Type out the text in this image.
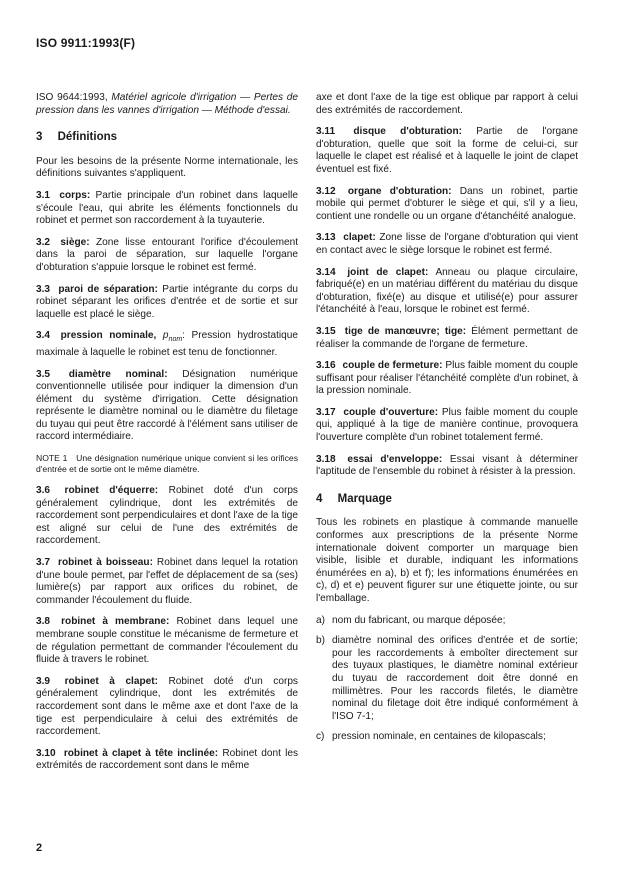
ISO 9911:1993(F)

ISO 9644:1993, Matériel agricole d'irrigation — Pertes de pression dans les vannes d'irrigation — Méthode d'essai.

3 Définitions

Pour les besoins de la présente Norme internationale, les définitions suivantes s'appliquent.

3.1 corps: Partie principale d'un robinet dans laquelle s'écoule l'eau, qui abrite les éléments fonctionnels du robinet et permet son raccordement à la tuyauterie.

3.2 siège: Zone lisse entourant l'orifice d'écoulement dans la paroi de séparation, sur laquelle l'organe d'obturation s'appuie lorsque le robinet est fermé.

3.3 paroi de séparation: Partie intégrante du corps du robinet séparant les orifices d'entrée et de sortie et sur laquelle est placé le siège.

3.4 pression nominale, $p_{nom}$: Pression hydrostatique maximale à laquelle le robinet est tenu de fonctionner.

3.5 diamètre nominal: Désignation numérique conventionnelle utilisée pour indiquer la dimension d'un élément du système d'irrigation. Cette désignation représente le diamètre nominal ou le diamètre du filetage du tuyau qui peut être raccordé à l'élément sans utiliser de raccord intermédiaire.

NOTE 1 Une désignation numérique unique convient si les orifices d'entrée et de sortie ont le même diamètre.

3.6 robinet d'équerre: Robinet doté d'un corps généralement cylindrique, dont les extrémités de raccordement sont perpendiculaires et dont l'axe de la tige est aligné sur celui de l'une des extrémités de raccordement.

3.7 robinet à boisseau: Robinet dans lequel la rotation d'une boule permet, par l'effet de déplacement de sa (ses) lumière(s) par rapport aux orifices du robinet, de commander l'écoulement du fluide.

3.8 robinet à membrane: Robinet dans lequel une membrane souple constitue le mécanisme de fermeture et de régulation permettant de commander l'écoulement du fluide à travers le robinet.

3.9 robinet à clapet: Robinet doté d'un corps généralement cylindrique, dont les extrémités de raccordement sont dans le même axe et dont l'axe de la tige est perpendiculaire à celui des extrémités de raccordement.

3.10 robinet à clapet à tête inclinée: Robinet dont les extrémités de raccordement sont dans le même

axe et dont l'axe de la tige est oblique par rapport à celui des extrémités de raccordement.

3.11 disque d'obturation: Partie de l'organe d'obturation, quelle que soit la forme de celui-ci, sur laquelle le clapet est réalisé et à laquelle le joint de clapet éventuel est fixé.

3.12 organe d'obturation: Dans un robinet, partie mobile qui permet d'obturer le siège et qui, s'il y a lieu, contient une rondelle ou un organe d'étanchéité analogue.

3.13 clapet: Zone lisse de l'organe d'obturation qui vient en contact avec le siège lorsque le robinet est fermé.

3.14 joint de clapet: Anneau ou plaque circulaire, fabriqué(e) en un matériau différent du matériau du disque d'obturation, fixé(e) au disque et utilisé(e) pour assurer l'étanchéité à l'eau, lorsque le robinet est fermé.

3.15 tige de manœuvre; tige: Élément permettant de réaliser la commande de l'organe de fermeture.

3.16 couple de fermeture: Plus faible moment du couple suffisant pour réaliser l'étanchéité complète d'un robinet, à la pression nominale.

3.17 couple d'ouverture: Plus faible moment du couple qui, appliqué à la tige de manière continue, provoquera l'ouverture complète d'un robinet totalement fermé.

3.18 essai d'enveloppe: Essai visant à déterminer l'aptitude de l'ensemble du robinet à résister à la pression.

4 Marquage

Tous les robinets en plastique à commande manuelle conformes aux prescriptions de la présente Norme internationale doivent comporter un marquage bien visible, lisible et durable, indiquant les informations énumérées en a), b) et f); les informations énumérées en c), d) et e) peuvent figurer sur une étiquette jointe, ou sur l'emballage.

a) nom du fabricant, ou marque déposée;
b) diamètre nominal des orifices d'entrée et de sortie; pour les raccordements à emboîter directement sur des tuyaux plastiques, le diamètre nominal extérieur du tuyau de raccordement doit être donné en millimètres. Pour les raccords filetés, le diamètre nominal du filetage doit être indiqué conformément à l'ISO 7-1;
c) pression nominale, en centaines de kilopascals;
2
